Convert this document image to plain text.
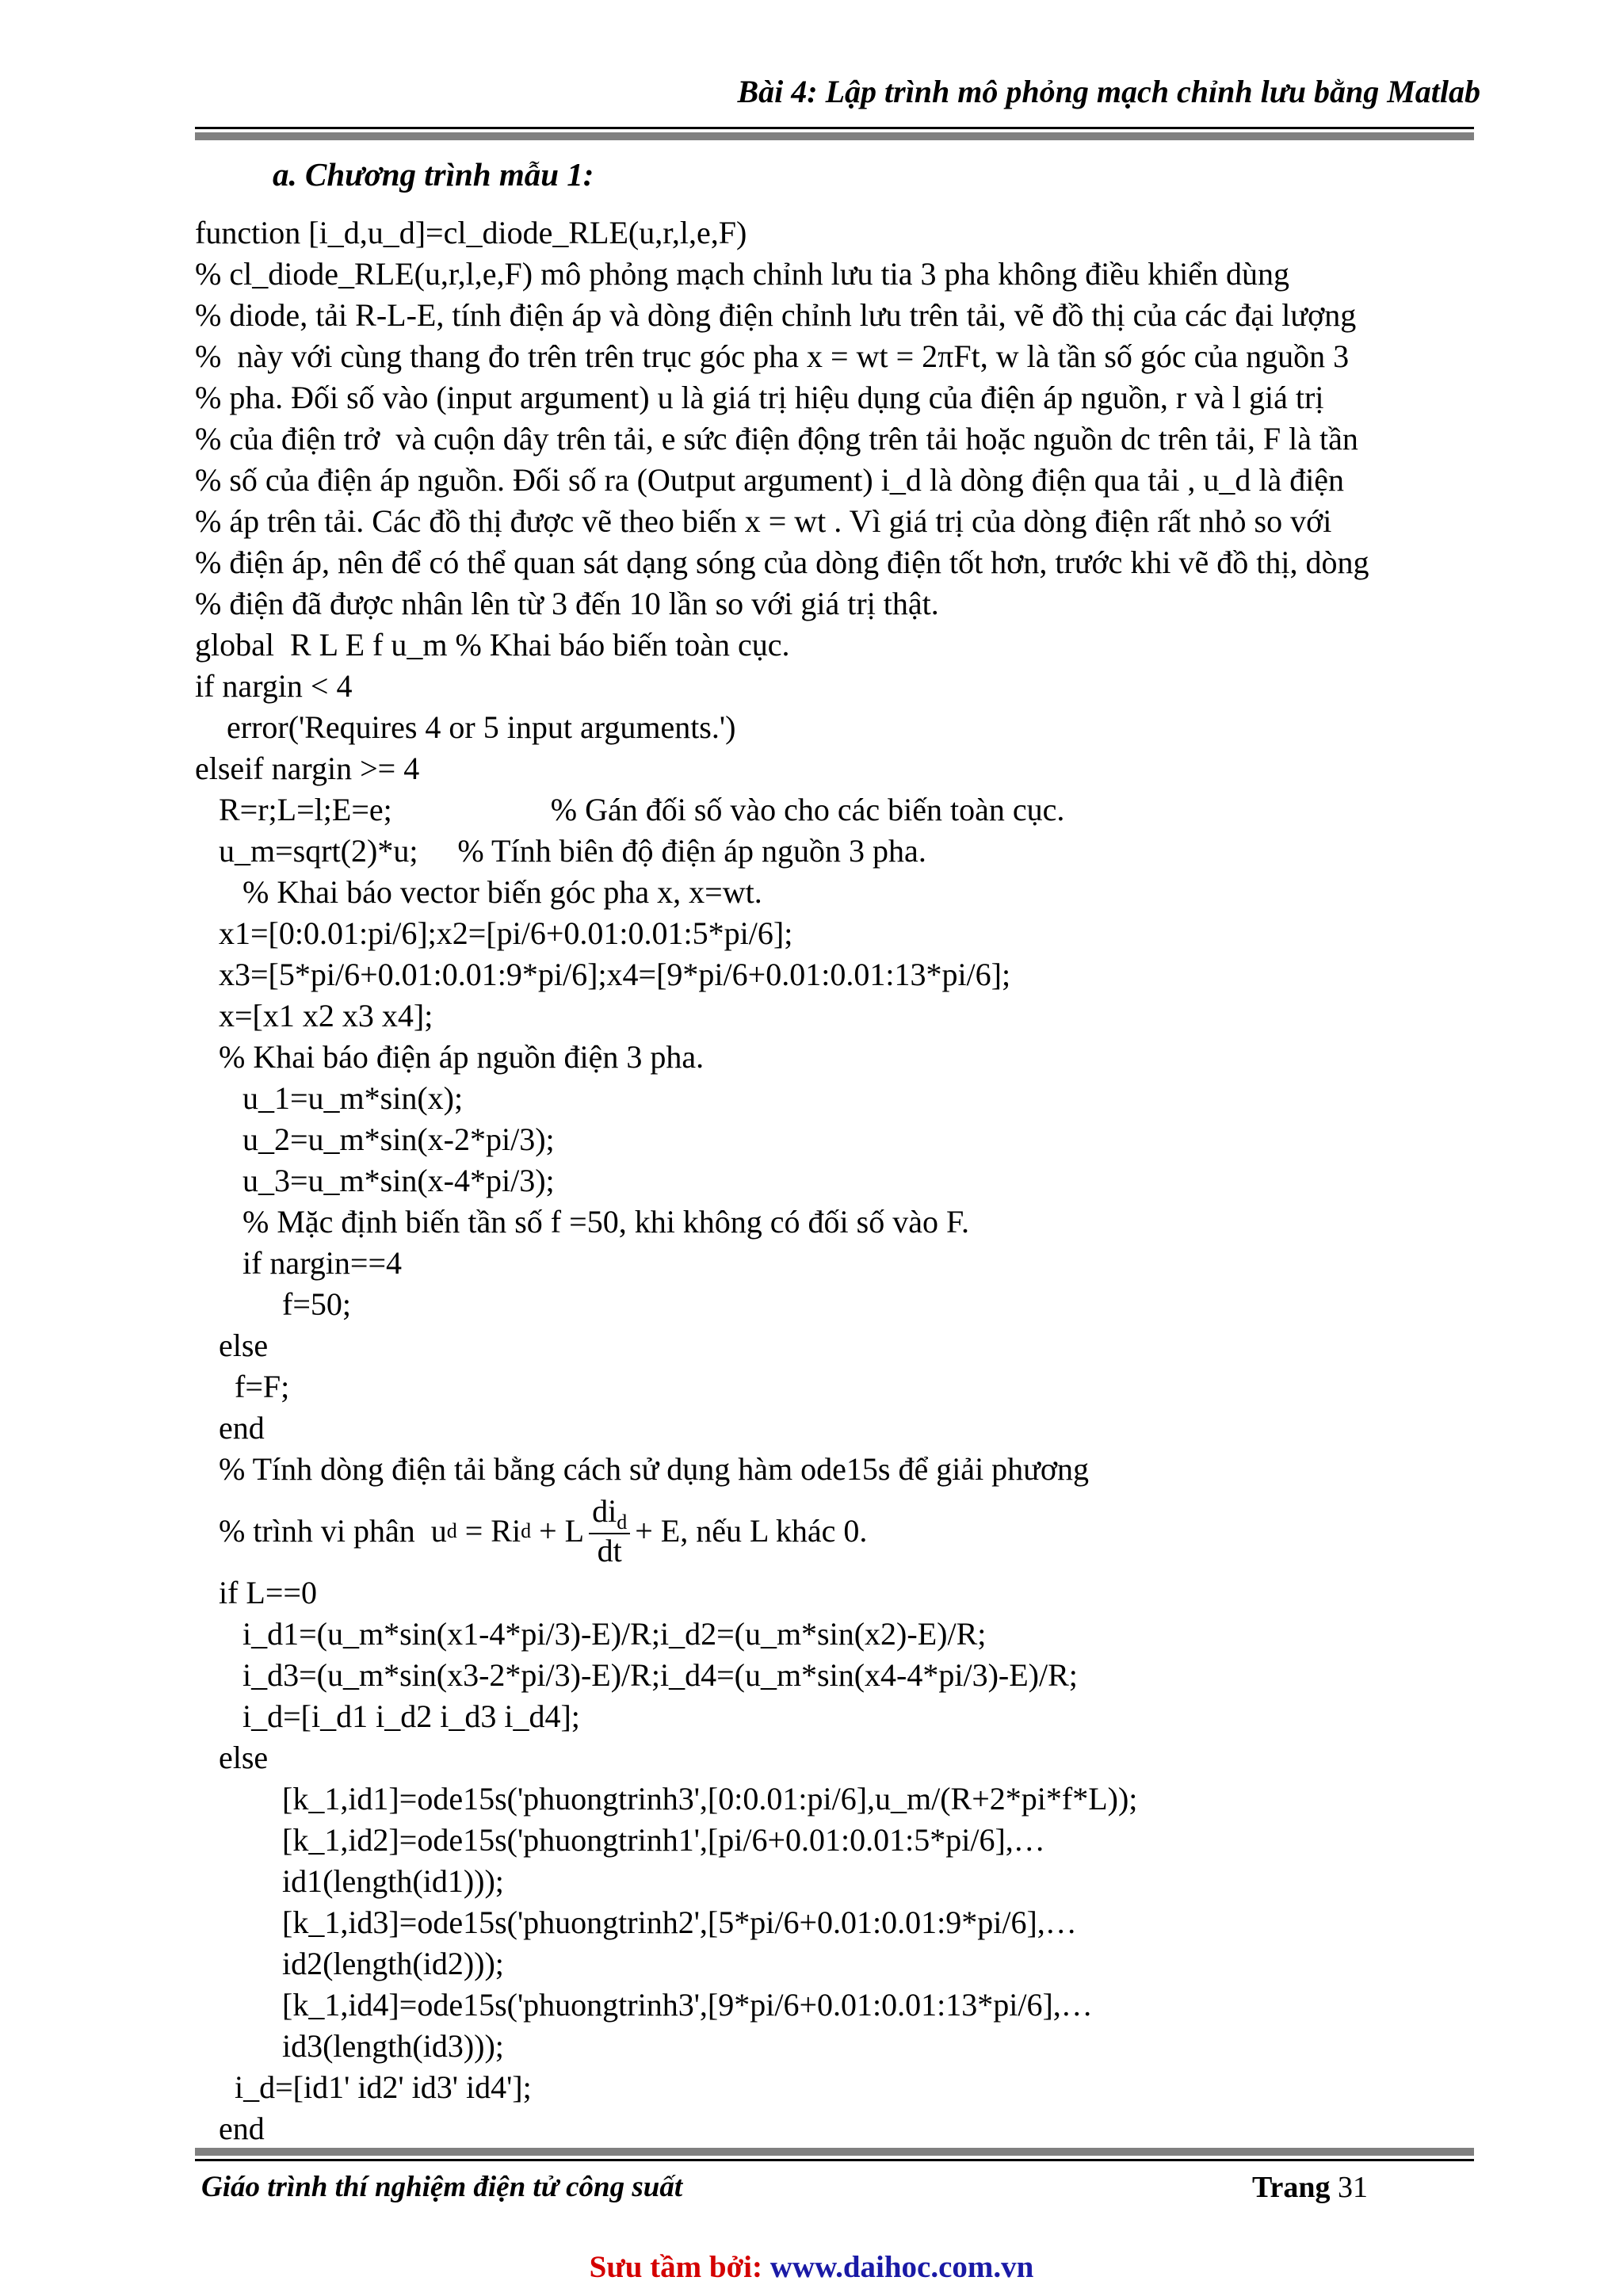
Bài 4: Lập trình mô phỏng mạch chỉnh lưu bằng Matlab
a. Chương trình mẫu 1:
function [i_d,u_d]=cl_diode_RLE(u,r,l,e,F)
% cl_diode_RLE(u,r,l,e,F) mô phỏng mạch chỉnh lưu tia 3 pha không điều khiển dùng
% diode, tải R-L-E, tính điện áp và dòng điện chỉnh lưu trên tải, vẽ đồ thị của các đại lượng
%  này với cùng thang đo trên trên trục góc pha x = wt = 2πFt, w là tần số góc của nguồn 3
% pha. Đối số vào (input argument) u là giá trị hiệu dụng của điện áp nguồn, r và l giá trị
% của điện trở  và cuộn dây trên tải, e sức điện động trên tải hoặc nguồn dc trên tải, F là tần
% số của điện áp nguồn. Đối số ra (Output argument) i_d là dòng điện qua tải , u_d là điện
% áp trên tải. Các đồ thị được vẽ theo biến x = wt . Vì giá trị của dòng điện rất nhỏ so với
% điện áp, nên để có thể quan sát dạng sóng của dòng điện tốt hơn, trước khi vẽ đồ thị, dòng
% điện đã được nhân lên từ 3 đến 10 lần so với giá trị thật.
global  R L E f u_m % Khai báo biến toàn cục.
if nargin < 4
error('Requires 4 or 5 input arguments.')
elseif nargin >= 4
R=r;L=l;E=e;                    % Gán đối số vào cho các biến toàn cục.
u_m=sqrt(2)*u;     % Tính biên độ điện áp nguồn 3 pha.
% Khai báo vector biến góc pha x, x=wt.
x1=[0:0.01:pi/6];x2=[pi/6+0.01:0.01:5*pi/6];
x3=[5*pi/6+0.01:0.01:9*pi/6];x4=[9*pi/6+0.01:0.01:13*pi/6];
x=[x1 x2 x3 x4];
% Khai báo điện áp nguồn điện 3 pha.
u_1=u_m*sin(x);
u_2=u_m*sin(x-2*pi/3);
u_3=u_m*sin(x-4*pi/3);
% Mặc định biến tần số f =50, khi không có đối số vào F.
if nargin==4
f=50;
else
f=F;
end
% Tính dòng điện tải bằng cách sử dụng hàm ode15s để giải phương
% trình vi phân  u d = Ri d + L $\frac{di_d}{dt} + E$, nếu L khác 0.
if L==0
i_d1=(u_m*sin(x1-4*pi/3)-E)/R;i_d2=(u_m*sin(x2)-E)/R;
i_d3=(u_m*sin(x3-2*pi/3)-E)/R;i_d4=(u_m*sin(x4-4*pi/3)-E)/R;
i_d=[i_d1 i_d2 i_d3 i_d4];
else
[k_1,id1]=ode15s('phuongtrinh3',[0:0.01:pi/6],u_m/(R+2*pi*f*L));
[k_1,id2]=ode15s('phuongtrinh1',[pi/6+0.01:0.01:5*pi/6],…
id1(length(id1)));
[k_1,id3]=ode15s('phuongtrinh2',[5*pi/6+0.01:0.01:9*pi/6],…
id2(length(id2)));
[k_1,id4]=ode15s('phuongtrinh3',[9*pi/6+0.01:0.01:13*pi/6],…
id3(length(id3)));
i_d=[id1' id2' id3' id4'];
end
Giáo trình thí nghiệm điện tử công suất	Trang 31
Sưu tầm bởi: www.daihoc.com.vn
